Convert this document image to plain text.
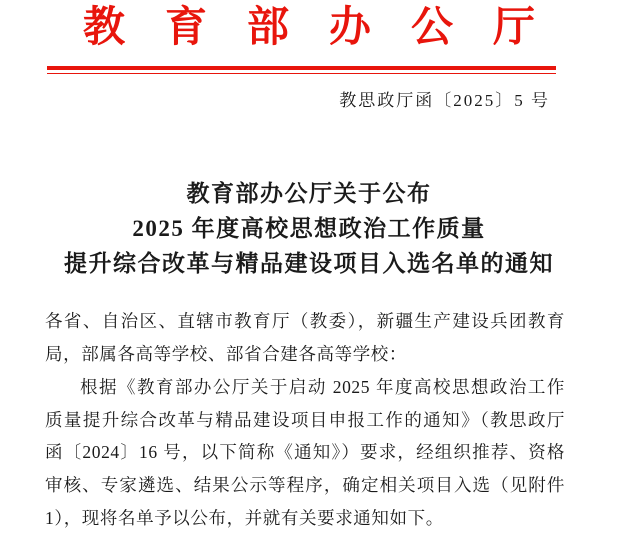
教育部办公厅
教思政厅函〔2025〕5 号
教育部办公厅关于公布
2025 年度高校思想政治工作质量
提升综合改革与精品建设项目入选名单的通知
各省、自治区、直辖市教育厅（教委），新疆生产建设兵团教育
局，部属各高等学校、部省合建各高等学校：
根据《教育部办公厅关于启动 2025 年度高校思想政治工作
质量提升综合改革与精品建设项目申报工作的通知》（教思政厅
函〔2024〕16 号，以下简称《通知》）要求，经组织推荐、资格
审核、专家遴选、结果公示等程序，确定相关项目入选（见附件
1），现将名单予以公布，并就有关要求通知如下。
